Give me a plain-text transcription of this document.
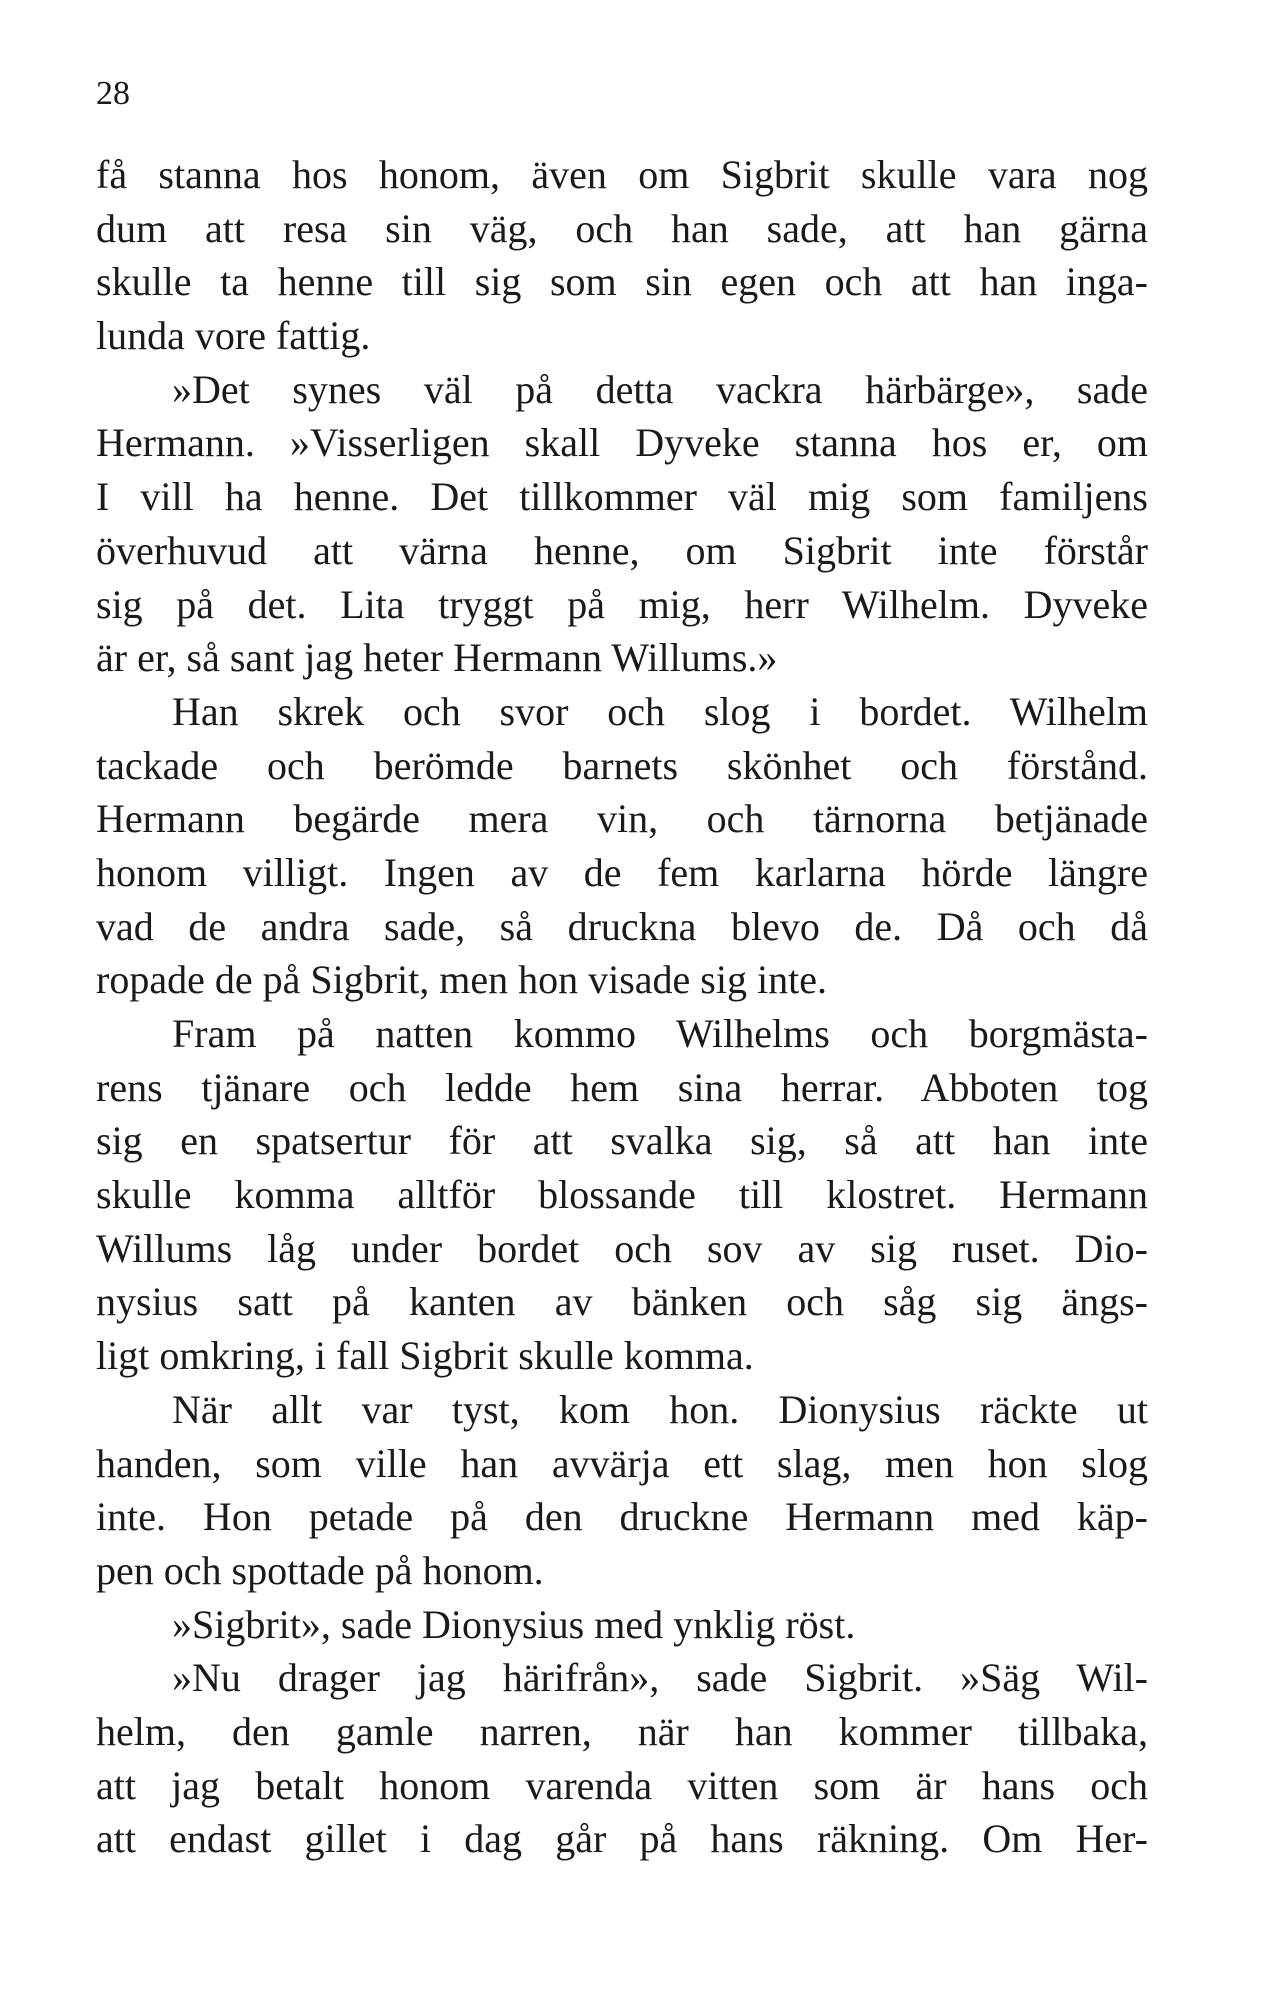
28
få stanna hos honom, även om Sigbrit skulle vara nog
dum att resa sin väg, och han sade, att han gärna
skulle ta henne till sig som sin egen och att han inga-
lunda vore fattig.
»Det synes väl på detta vackra härbärge», sade
Hermann. »Visserligen skall Dyveke stanna hos er, om
I vill ha henne. Det tillkommer väl mig som familjens
överhuvud att värna henne, om Sigbrit inte förstår
sig på det. Lita tryggt på mig, herr Wilhelm. Dyveke
är er, så sant jag heter Hermann Willums.»
Han skrek och svor och slog i bordet. Wilhelm
tackade och berömde barnets skönhet och förstånd.
Hermann begärde mera vin, och tärnorna betjänade
honom villigt. Ingen av de fem karlarna hörde längre
vad de andra sade, så druckna blevo de. Då och då
ropade de på Sigbrit, men hon visade sig inte.
Fram på natten kommo Wilhelms och borgmästa-
rens tjänare och ledde hem sina herrar. Abboten tog
sig en spatsertur för att svalka sig, så att han inte
skulle komma alltför blossande till klostret. Hermann
Willums låg under bordet och sov av sig ruset. Dio-
nysius satt på kanten av bänken och såg sig ängs-
ligt omkring, i fall Sigbrit skulle komma.
När allt var tyst, kom hon. Dionysius räckte ut
handen, som ville han avvärja ett slag, men hon slog
inte. Hon petade på den druckne Hermann med käp-
pen och spottade på honom.
»Sigbrit», sade Dionysius med ynklig röst.
»Nu drager jag härifrån», sade Sigbrit. »Säg Wil-
helm, den gamle narren, när han kommer tillbaka,
att jag betalt honom varenda vitten som är hans och
att endast gillet i dag går på hans räkning. Om Her-
